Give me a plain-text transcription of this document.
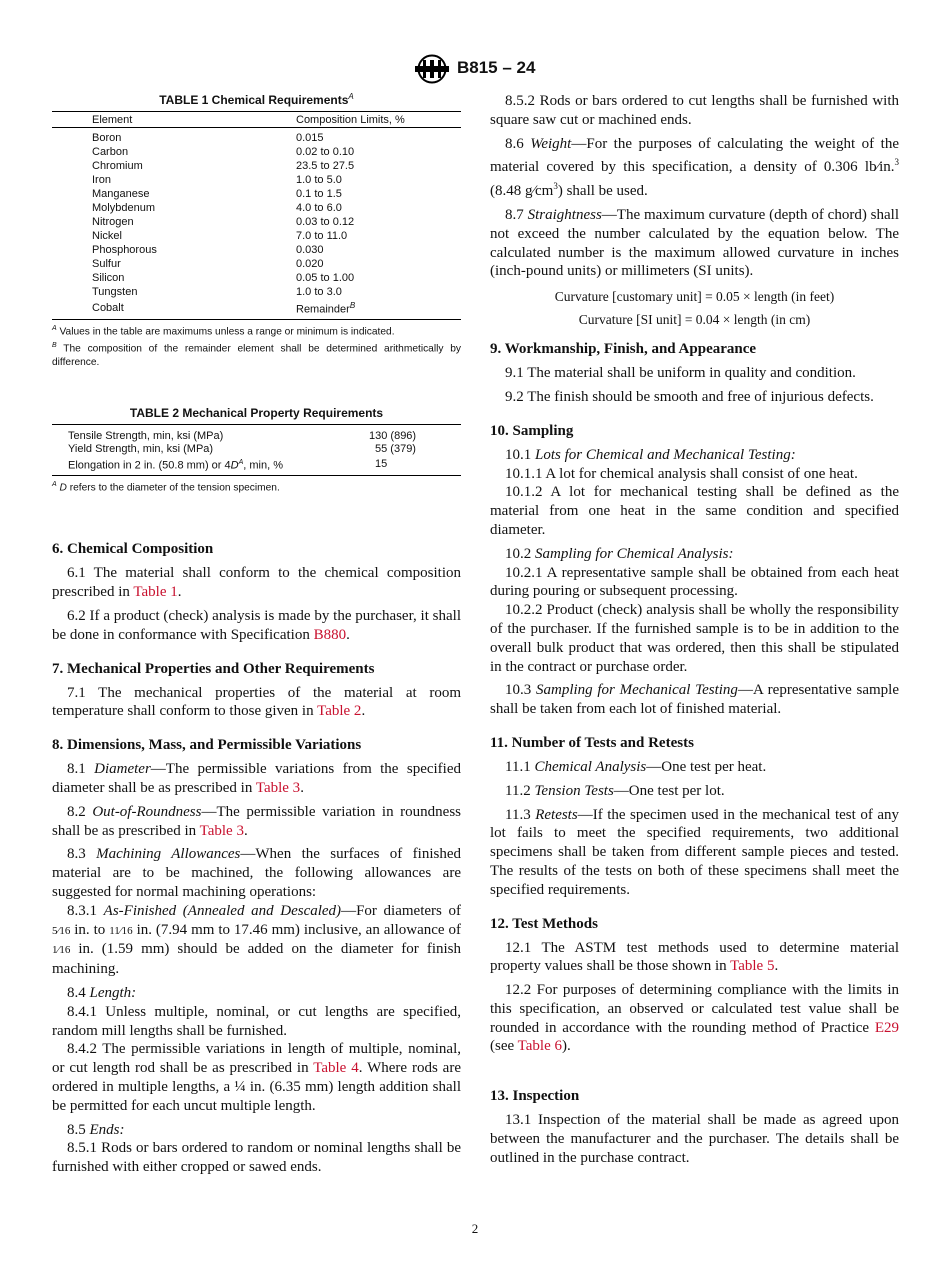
B815 – 24
TABLE 1 Chemical Requirements$^A$
Element	Composition Limits, %
Boron	0.015
Carbon	0.02 to 0.10
Chromium	23.5 to 27.5
Iron	1.0 to 5.0
Manganese	0.1 to 1.5
Molybdenum	4.0 to 6.0
Nitrogen	0.03 to 0.12
Nickel	7.0 to 11.0
Phosphorous	0.030
Sulfur	0.020
Silicon	0.05 to 1.00
Tungsten	1.0 to 3.0
Cobalt	Remainder$^B$

$^A$ Values in the table are maximums unless a range or minimum is indicated.

$^B$ The composition of the remainder element shall be determined arithmetically by difference.

TABLE 2 Mechanical Property Requirements
Tensile Strength, min, ksi (MPa)	130 (896)
Yield Strength, min, ksi (MPa)	55 (379)
Elongation in 2 in. (50.8 mm) or $4D^A$, min, %	15

$^A$ D refers to the diameter of the tension specimen.

6. Chemical Composition

6.1 The material shall conform to the chemical composition prescribed in Table 1.

6.2 If a product (check) analysis is made by the purchaser, it shall be done in conformance with Specification B880.

7. Mechanical Properties and Other Requirements

7.1 The mechanical properties of the material at room temperature shall conform to those given in Table 2.

8. Dimensions, Mass, and Permissible Variations

8.1 Diameter—The permissible variations from the specified diameter shall be as prescribed in Table 3.

8.2 Out-of-Roundness—The permissible variation in roundness shall be as prescribed in Table 3.

8.3 Machining Allowances—When the surfaces of finished material are to be machined, the following allowances are suggested for normal machining operations:

8.3.1 As-Finished (Annealed and Descaled)—For diameters of 5⁄16 in. to 11⁄16 in. (7.94 mm to 17.46 mm) inclusive, an allowance of 1⁄16 in. (1.59 mm) should be added on the diameter for finish machining.

8.4 Length:

8.4.1 Unless multiple, nominal, or cut lengths are specified, random mill lengths shall be furnished.

8.4.2 The permissible variations in length of multiple, nominal, or cut length rod shall be as prescribed in Table 4. Where rods are ordered in multiple lengths, a ¼ in. (6.35 mm) length addition shall be permitted for each uncut multiple length.

8.5 Ends:

8.5.1 Rods or bars ordered to random or nominal lengths shall be furnished with either cropped or sawed ends.

8.5.2 Rods or bars ordered to cut lengths shall be furnished with square saw cut or machined ends.

8.6 Weight—For the purposes of calculating the weight of the material covered by this specification, a density of 0.306 lb⁄in.$^3$ (8.48 $g⁄cm^3$) shall be used.

8.7 Straightness—The maximum curvature (depth of chord) shall not exceed the number calculated by the equation below. The calculated number is the maximum allowed curvature in inches (inch-pound units) or millimeters (SI units).

Curvature [customary unit] = 0.05 × length (in feet)

Curvature [SI unit] = 0.04 × length (in cm)

9. Workmanship, Finish, and Appearance

9.1 The material shall be uniform in quality and condition.

9.2 The finish should be smooth and free of injurious defects.

10. Sampling

10.1 Lots for Chemical and Mechanical Testing:

10.1.1 A lot for chemical analysis shall consist of one heat.

10.1.2 A lot for mechanical testing shall be defined as the material from one heat in the same condition and specified diameter.

10.2 Sampling for Chemical Analysis:

10.2.1 A representative sample shall be obtained from each heat during pouring or subsequent processing.

10.2.2 Product (check) analysis shall be wholly the responsibility of the purchaser. If the furnished sample is to be in addition to the overall bulk product that was ordered, then this shall be stipulated in the contract or purchase order.

10.3 Sampling for Mechanical Testing—A representative sample shall be taken from each lot of finished material.

11. Number of Tests and Retests

11.1 Chemical Analysis—One test per heat.

11.2 Tension Tests—One test per lot.

11.3 Retests—If the specimen used in the mechanical test of any lot fails to meet the specified requirements, two additional specimens shall be taken from different sample pieces and tested. The results of the tests on both of these specimens shall meet the specified requirements.

12. Test Methods

12.1 The ASTM test methods used to determine material property values shall be those shown in Table 5.

12.2 For purposes of determining compliance with the limits in this specification, an observed or calculated test value shall be rounded in accordance with the rounding method of Practice E29 (see Table 6).

13. Inspection

13.1 Inspection of the material shall be made as agreed upon between the manufacturer and the purchaser. The details shall be outlined in the purchase contract.

2
